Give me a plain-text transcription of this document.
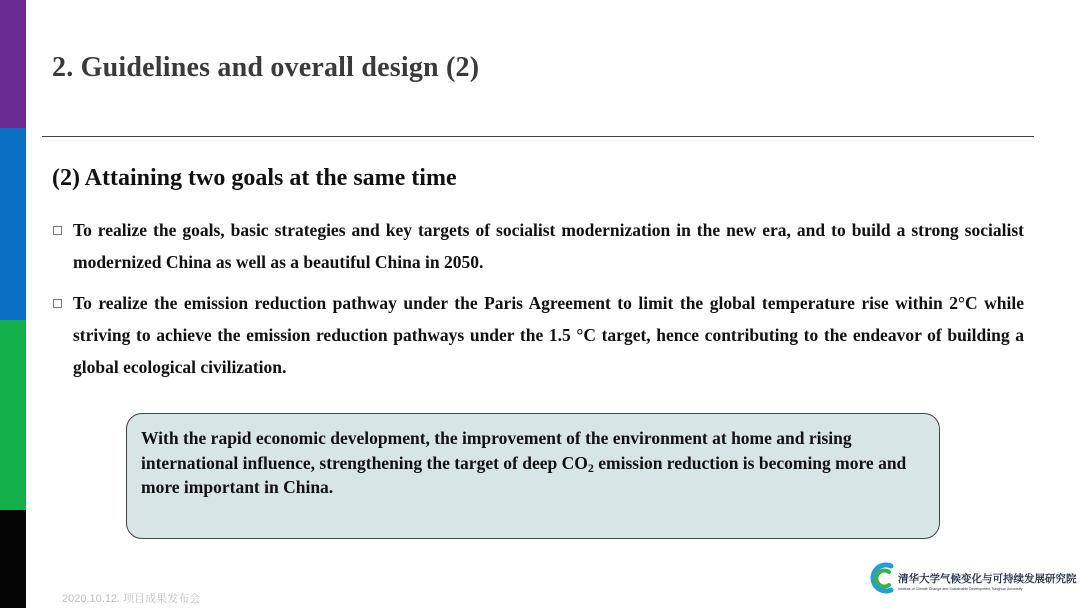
2. Guidelines and overall design (2)
(2) Attaining two goals at the same time
To realize the goals, basic strategies and key targets of socialist modernization in the new era, and to build a strong socialist modernized China as well as a beautiful China in 2050.
To realize the emission reduction pathway under the Paris Agreement to limit the global temperature rise within 2°C while striving to achieve the emission reduction pathways under the 1.5 °C target, hence contributing to the endeavor of building a global ecological civilization.

With the rapid economic development, the improvement of the environment at home and rising international influence, strengthening the target of deep $CO_2$ emission reduction is becoming more and more important in China.

2020.10.12. 项目成果发布会
清华大学气候变化与可持续发展研究院
Institute of Climate Change and Sustainable Development,Tsinghua University
